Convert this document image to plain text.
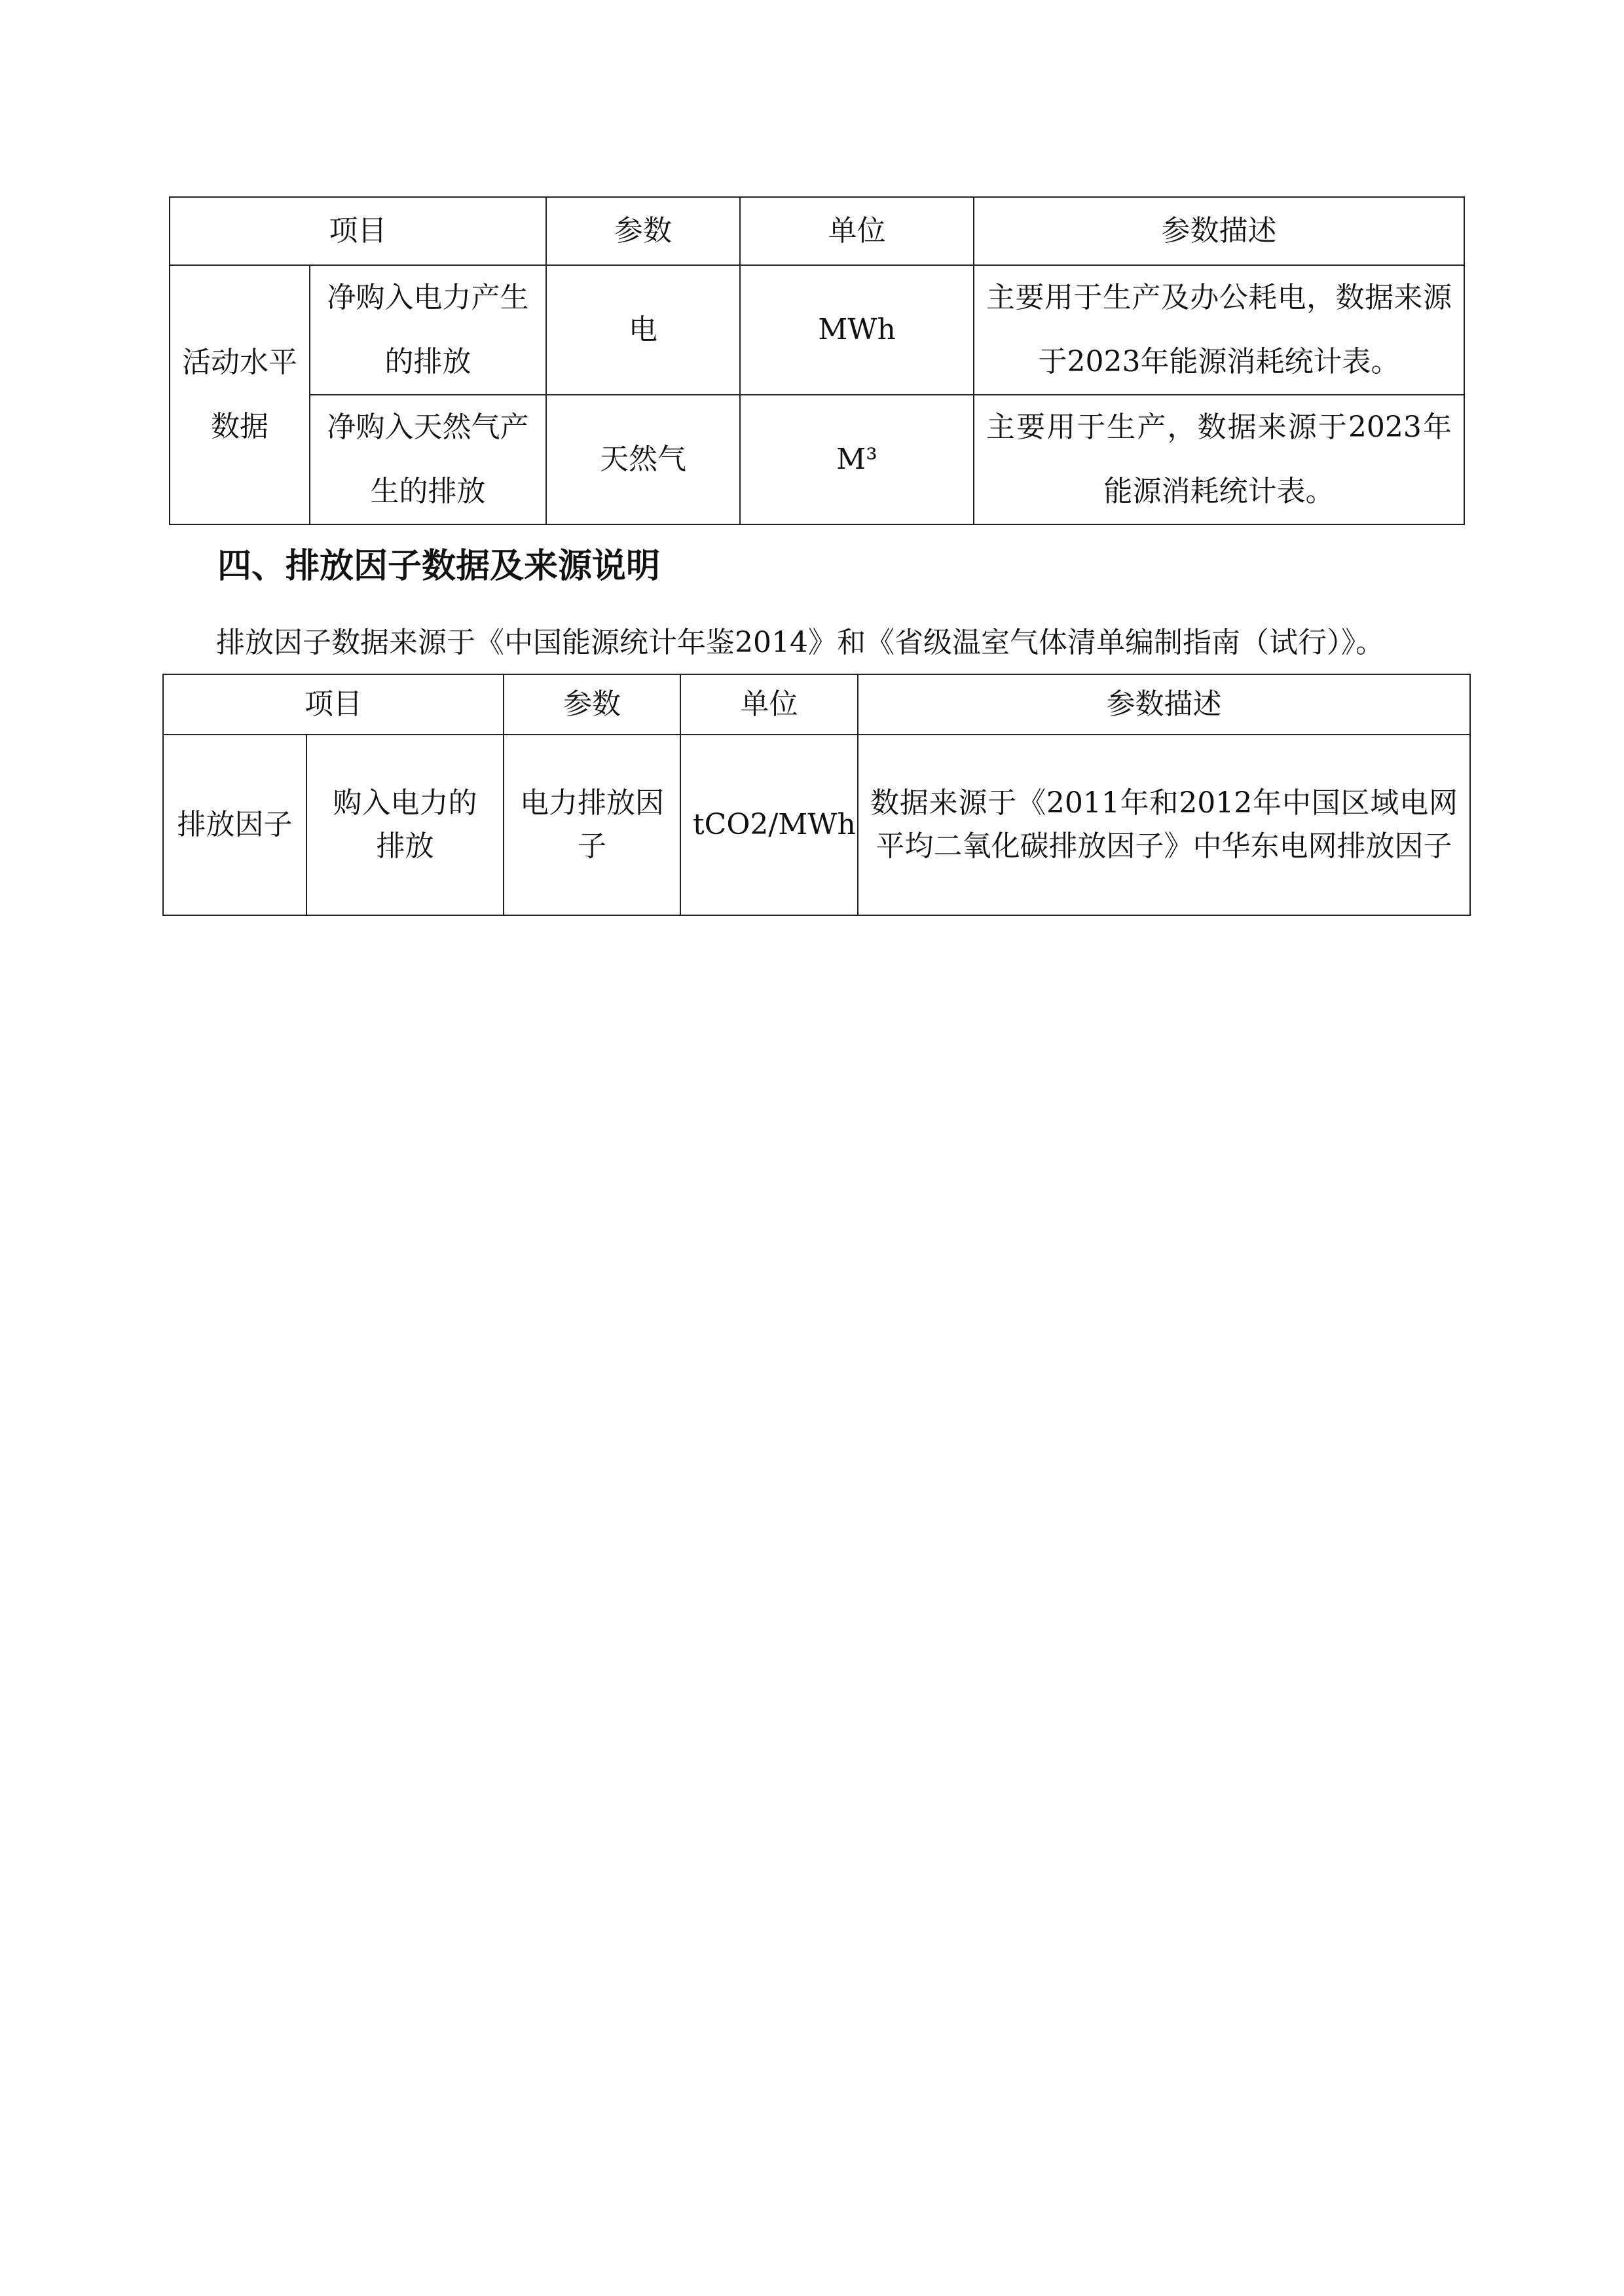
项目		参数	单位	参数描述
活动水平数据	净购入电力产生的排放	电	MWh	主要用于生产及办公耗电，数据来源于2023年能源消耗统计表。
	净购入天然气产生的排放	天然气	M³	主要用于生产，数据来源于2023年能源消耗统计表。
四、排放因子数据及来源说明
排放因子数据来源于《中国能源统计年鉴2014》和《省级温室气体清单编制指南（试行）》。
项目		参数	单位	参数描述
排放因子	购入电力的排放	电力排放因子	tCO2/MWh	数据来源于《2011年和2012年中国区域电网平均二氧化碳排放因子》中华东电网排放因子
